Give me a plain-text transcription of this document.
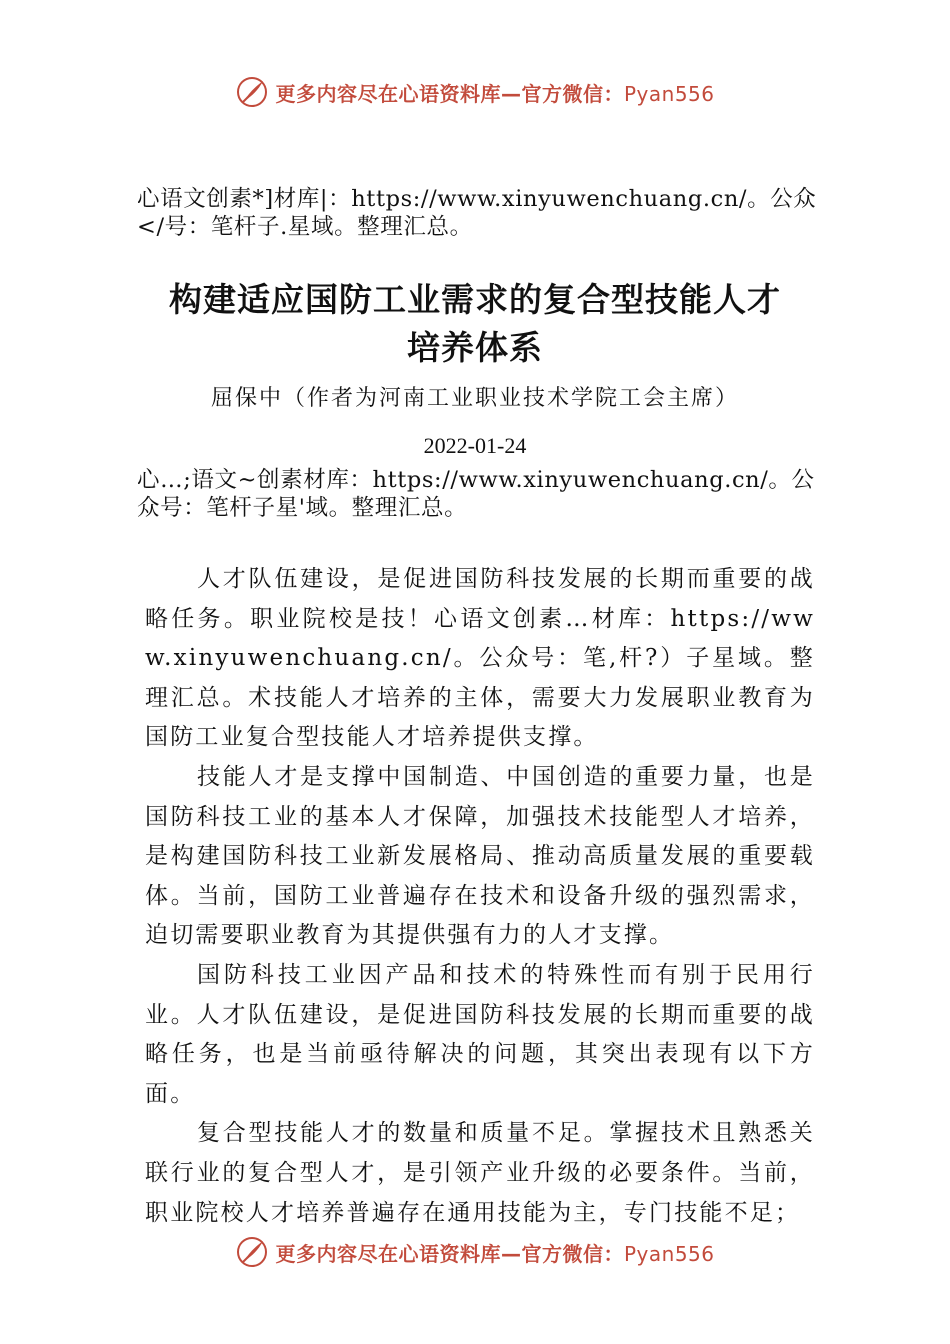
更多内容尽在心语资料库—官方微信：Pyan556

心语文创素*]材库|：https://www.xinyuwenchuang.cn/。公众</号：笔杆子.星域。整理汇总。

构建适应国防工业需求的复合型技能人才
培养体系

屈保中（作者为河南工业职业技术学院工会主席）

2022-01-24

心…;语文~创素材库：https://www.xinyuwenchuang.cn/。公众号：笔杆子星'域。整理汇总。

人才队伍建设，是促进国防科技发展的长期而重要的战略任务。职业院校是技！心语文创素…材库：https://www.xinyuwenchuang.cn/。公众号：笔,杆?）子星域。整理汇总。术技能人才培养的主体，需要大力发展职业教育为国防工业复合型技能人才培养提供支撑。

技能人才是支撑中国制造、中国创造的重要力量，也是国防科技工业的基本人才保障，加强技术技能型人才培养，是构建国防科技工业新发展格局、推动高质量发展的重要载体。当前，国防工业普遍存在技术和设备升级的强烈需求，迫切需要职业教育为其提供强有力的人才支撑。

国防科技工业因产品和技术的特殊性而有别于民用行业。人才队伍建设，是促进国防科技发展的长期而重要的战略任务，也是当前亟待解决的问题，其突出表现有以下方面。

复合型技能人才的数量和质量不足。掌握技术且熟悉关联行业的复合型人才，是引领产业升级的必要条件。当前，职业院校人才培养普遍存在通用技能为主，专门技能不足；

更多内容尽在心语资料库—官方微信：Pyan556
